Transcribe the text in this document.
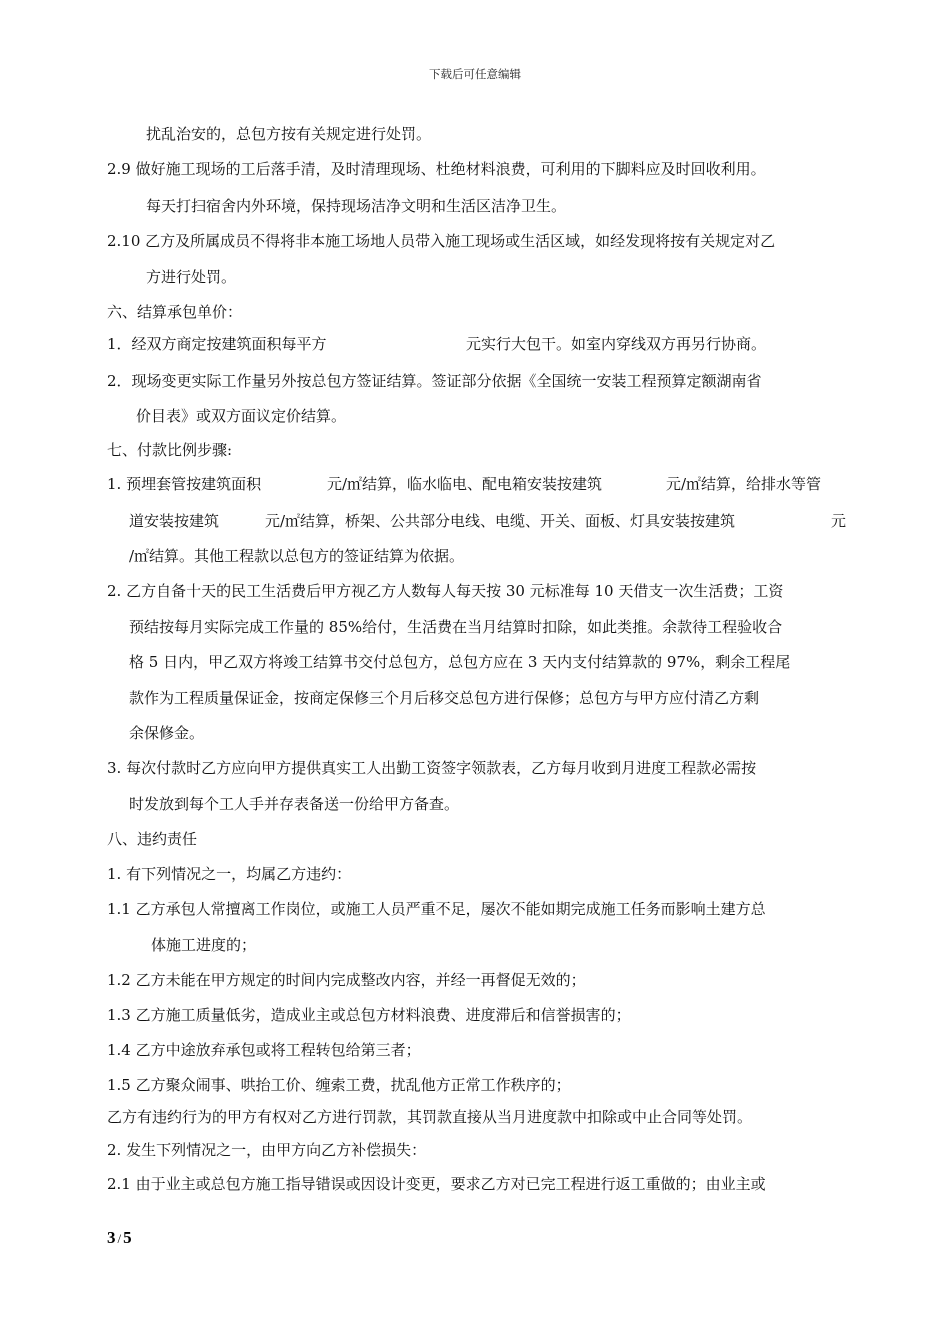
下载后可任意编辑
扰乱治安的，总包方按有关规定进行处罚。
2.9 做好施工现场的工后落手清，及时清理现场、杜绝材料浪费，可利用的下脚料应及时回收利用。
每天打扫宿舍内外环境，保持现场洁净文明和生活区洁净卫生。
2.10 乙方及所属成员不得将非本施工场地人员带入施工现场或生活区域，如经发现将按有关规定对乙
方进行处罚。
六、结算承包单价：
1．经双方商定按建筑面积每平方	元实行大包干。如室内穿线双方再另行协商。
2．现场变更实际工作量另外按总包方签证结算。签证部分依据《全国统一安装工程预算定额湖南省
价目表》或双方面议定价结算。
七、付款比例步骤:
1. 预埋套管按建筑面积	元/㎡结算，临水临电、配电箱安装按建筑	元/㎡结算，给排水等管
道安装按建筑	元/㎡结算，桥架、公共部分电线、电缆、开关、面板、灯具安装按建筑	元
/㎡结算。其他工程款以总包方的签证结算为依据。
2. 乙方自备十天的民工生活费后甲方视乙方人数每人每天按 30 元标准每 10 天借支一次生活费；工资
预结按每月实际完成工作量的 85%给付，生活费在当月结算时扣除，如此类推。余款待工程验收合
格 5 日内，甲乙双方将竣工结算书交付总包方，总包方应在 3 天内支付结算款的 97%，剩余工程尾
款作为工程质量保证金，按商定保修三个月后移交总包方进行保修；总包方与甲方应付清乙方剩
余保修金。
3. 每次付款时乙方应向甲方提供真实工人出勤工资签字领款表，乙方每月收到月进度工程款必需按
时发放到每个工人手并存表备送一份给甲方备查。
八、违约责任
1. 有下列情况之一，均属乙方违约：
1.1 乙方承包人常擅离工作岗位，或施工人员严重不足，屡次不能如期完成施工任务而影响土建方总
体施工进度的；
1.2 乙方未能在甲方规定的时间内完成整改内容，并经一再督促无效的；
1.3 乙方施工质量低劣，造成业主或总包方材料浪费、进度滞后和信誉损害的；
1.4 乙方中途放弃承包或将工程转包给第三者；
1.5 乙方聚众闹事、哄抬工价、缠索工费，扰乱他方正常工作秩序的；
乙方有违约行为的甲方有权对乙方进行罚款，其罚款直接从当月进度款中扣除或中止合同等处罚。
2. 发生下列情况之一，由甲方向乙方补偿损失：
2.1 由于业主或总包方施工指导错误或因设计变更，要求乙方对已完工程进行返工重做的；由业主或
3 / 5
